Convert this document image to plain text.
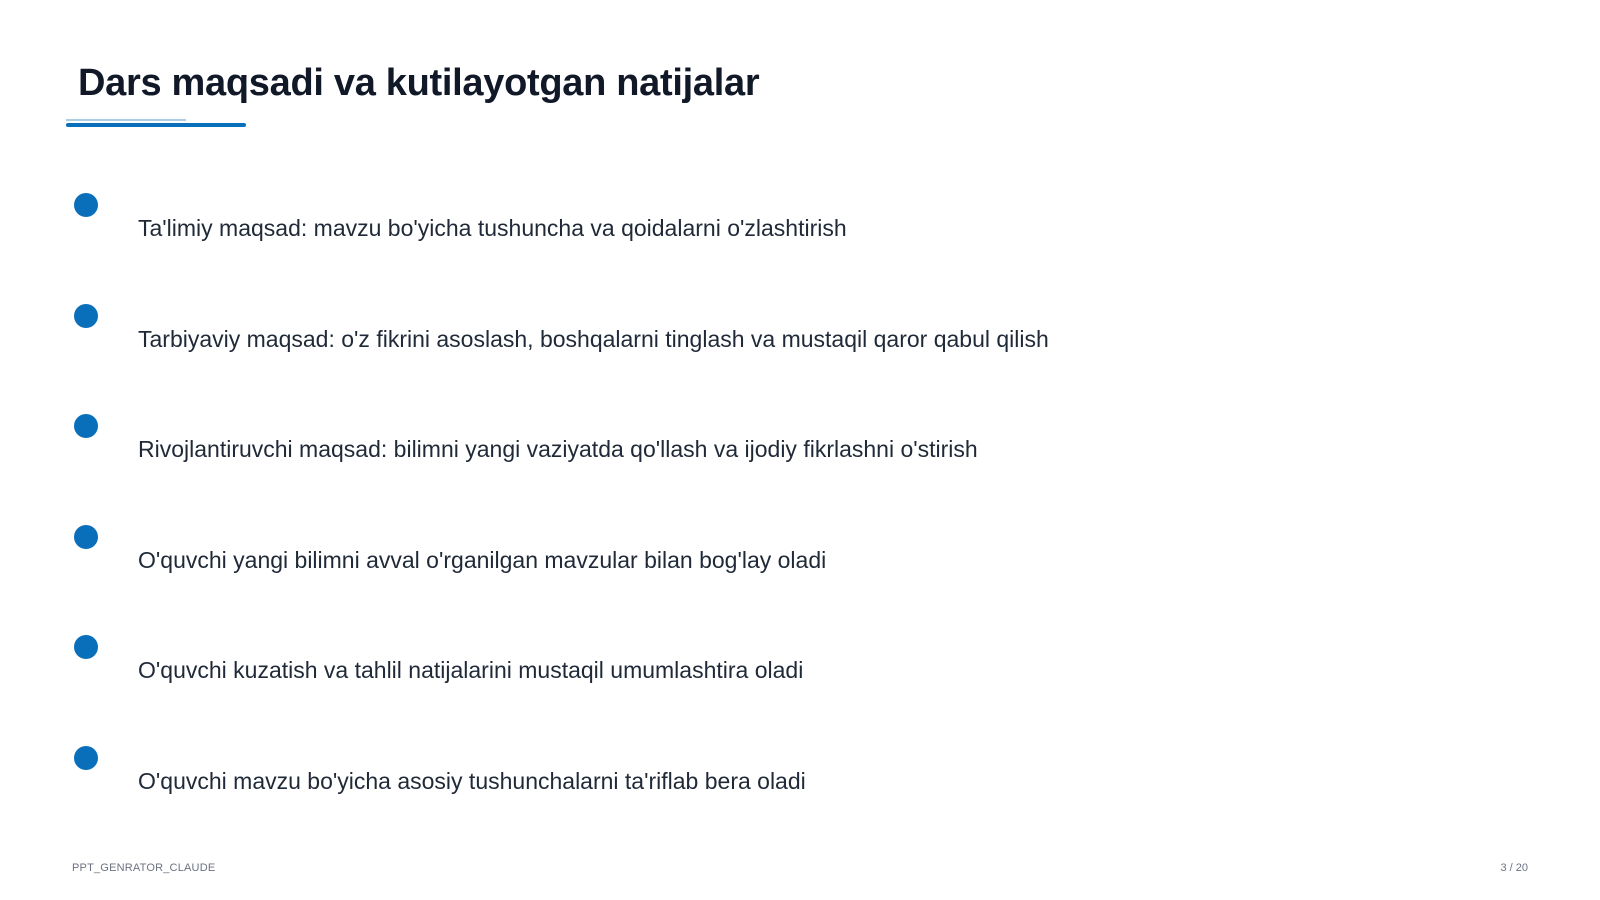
Dars maqsadi va kutilayotgan natijalar
Ta'limiy maqsad: mavzu bo'yicha tushuncha va qoidalarni o'zlashtirish
Tarbiyaviy maqsad: o'z fikrini asoslash, boshqalarni tinglash va mustaqil qaror qabul qilish
Rivojlantiruvchi maqsad: bilimni yangi vaziyatda qo'llash va ijodiy fikrlashni o'stirish
O'quvchi yangi bilimni avval o'rganilgan mavzular bilan bog'lay oladi
O'quvchi kuzatish va tahlil natijalarini mustaqil umumlashtira oladi
O'quvchi mavzu bo'yicha asosiy tushunchalarni ta'riflab bera oladi
PPT_GENRATOR_CLAUDE	3 / 20
